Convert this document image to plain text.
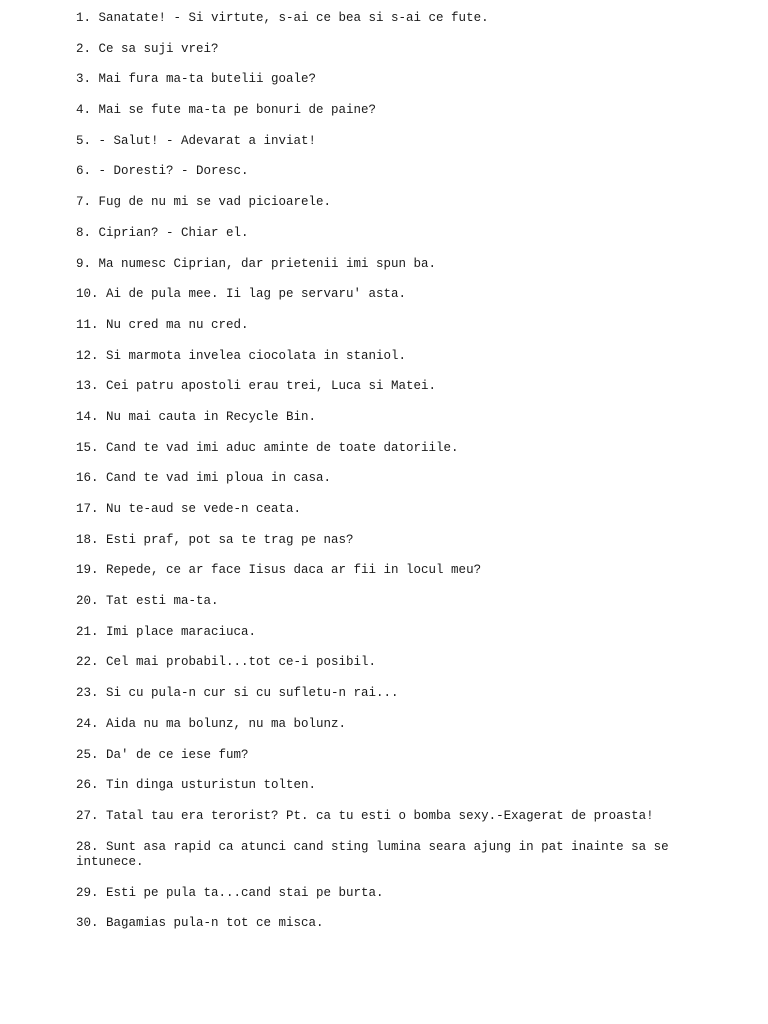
1. Sanatate! - Si virtute, s-ai ce bea si s-ai ce fute.
2. Ce sa suji vrei?
3. Mai fura ma-ta butelii goale?
4. Mai se fute ma-ta pe bonuri de paine?
5. - Salut! - Adevarat a inviat!
6. - Doresti? - Doresc.
7. Fug de nu mi se vad picioarele.
8. Ciprian? - Chiar el.
9. Ma numesc Ciprian, dar prietenii imi spun ba.
10. Ai de pula mee. Ii lag pe servaru' asta.
11. Nu cred ma nu cred.
12. Si marmota invelea ciocolata in staniol.
13. Cei patru apostoli erau trei, Luca si Matei.
14. Nu mai cauta in Recycle Bin.
15. Cand te vad imi aduc aminte de toate datoriile.
16. Cand te vad imi ploua in casa.
17. Nu te-aud se vede-n ceata.
18. Esti praf, pot sa te trag pe nas?
19. Repede, ce ar face Iisus daca ar fii in locul meu?
20. Tat esti ma-ta.
21. Imi place maraciuca.
22. Cel mai probabil...tot ce-i posibil.
23. Si cu pula-n cur si cu sufletu-n rai...
24. Aida nu ma bolunz, nu ma bolunz.
25. Da' de ce iese fum?
26. Tin dinga usturistun tolten.
27. Tatal tau era terorist? Pt. ca tu esti o bomba sexy.-Exagerat de proasta!
28. Sunt asa rapid ca atunci cand sting lumina seara ajung in pat inainte sa se intunece.
29. Esti pe pula ta...cand stai pe burta.
30. Bagamias pula-n tot ce misca.
